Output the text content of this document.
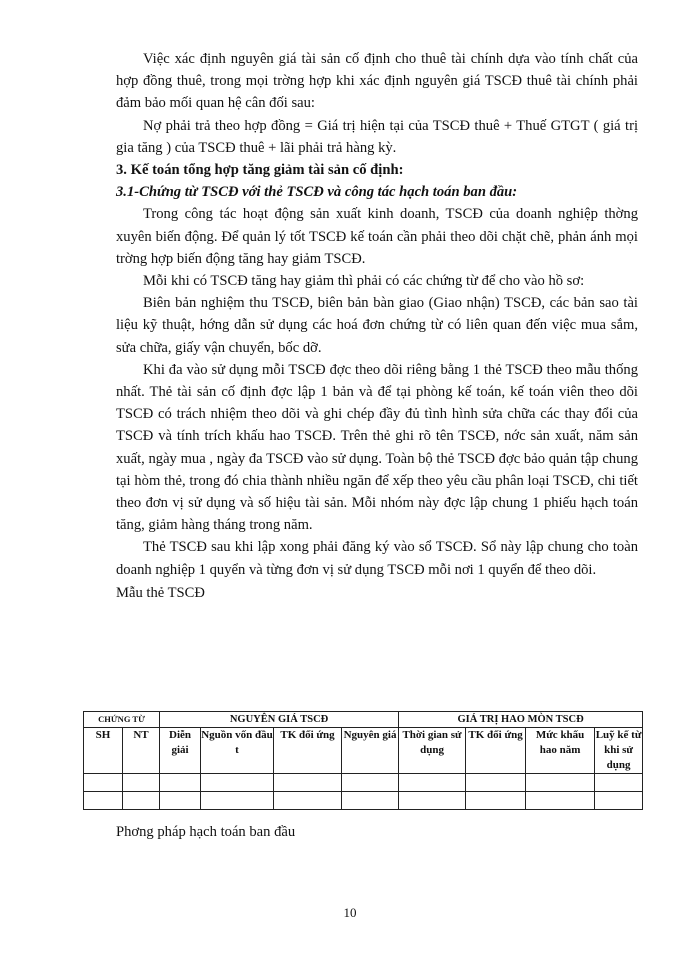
Việc xác định nguyên giá tài sản cố định cho thuê tài chính dựa vào tính chất của hợp đồng thuê, trong mọi trờng hợp khi xác định nguyên giá TSCĐ thuê tài chính phải đảm bảo mối quan hệ cân đối sau:

Nợ phải trả theo hợp đồng = Giá trị hiện tại của TSCĐ thuê + Thuế GTGT ( giá trị gia tăng ) của TSCĐ thuê + lãi phải trả hàng kỳ.

3. Kế toán tổng hợp tăng giảm tài sản cố định:

3.1-Chứng từ TSCĐ với thẻ TSCĐ và công tác hạch toán ban đầu:

Trong công tác hoạt động sản xuất kinh doanh, TSCĐ của doanh nghiệp thờng xuyên biến động. Để quản lý tốt TSCĐ kế toán cần phải theo dõi chặt chẽ, phản ánh mọi trờng hợp biến động tăng hay giảm TSCĐ.

Mỗi khi có TSCĐ tăng hay giảm thì phải có các chứng từ để cho vào hồ sơ:

Biên bản nghiệm thu TSCĐ, biên bản bàn giao (Giao nhận) TSCĐ, các bản sao tài liệu kỹ thuật, hớng dẫn sử dụng các hoá đơn chứng từ có liên quan đến việc mua sắm, sửa chữa, giấy vận chuyển, bốc dỡ.

Khi đa vào sử dụng mỗi TSCĐ đợc theo dõi riêng bằng 1 thẻ TSCĐ theo mẫu thống nhất. Thẻ tài sản cố định đợc lập 1 bản và để tại phòng kế toán, kế toán viên theo dõi TSCĐ có trách nhiệm theo dõi và ghi chép đầy đủ tình hình sửa chữa các thay đổi của TSCĐ và tính trích khấu hao TSCĐ. Trên thẻ ghi rõ tên TSCĐ, nớc sản xuất, năm sản xuất, ngày mua , ngày đa TSCĐ vào sử dụng. Toàn bộ thẻ TSCĐ đợc bảo quản tập chung tại hòm thẻ, trong đó chia thành nhiều ngăn để xếp theo yêu cầu phân loại TSCĐ, chi tiết theo đơn vị sử dụng và số hiệu tài sản. Mỗi nhóm này đợc lập chung 1 phiếu hạch toán tăng, giảm hàng tháng trong năm.

Thẻ TSCĐ sau khi lập xong phải đăng ký vào sổ TSCĐ. Sổ này lập chung cho toàn doanh nghiệp 1 quyển và từng đơn vị sử dụng TSCĐ mỗi nơi 1 quyển để theo dõi.

Mẫu thẻ TSCĐ

CHỨNG TỪ		NGUYÊN GIÁ TSCĐ				GIÁ TRỊ HAO MÒN TSCĐ			
SH	NT	Diễn giải	Nguồn vốn đầu t	TK đối ứng	Nguyên giá	Thời gian sử dụng	TK đối ứng	Mức khấu hao năm	Luỹ kế từ khi sử dụng

Phơng pháp hạch toán ban đầu
10
